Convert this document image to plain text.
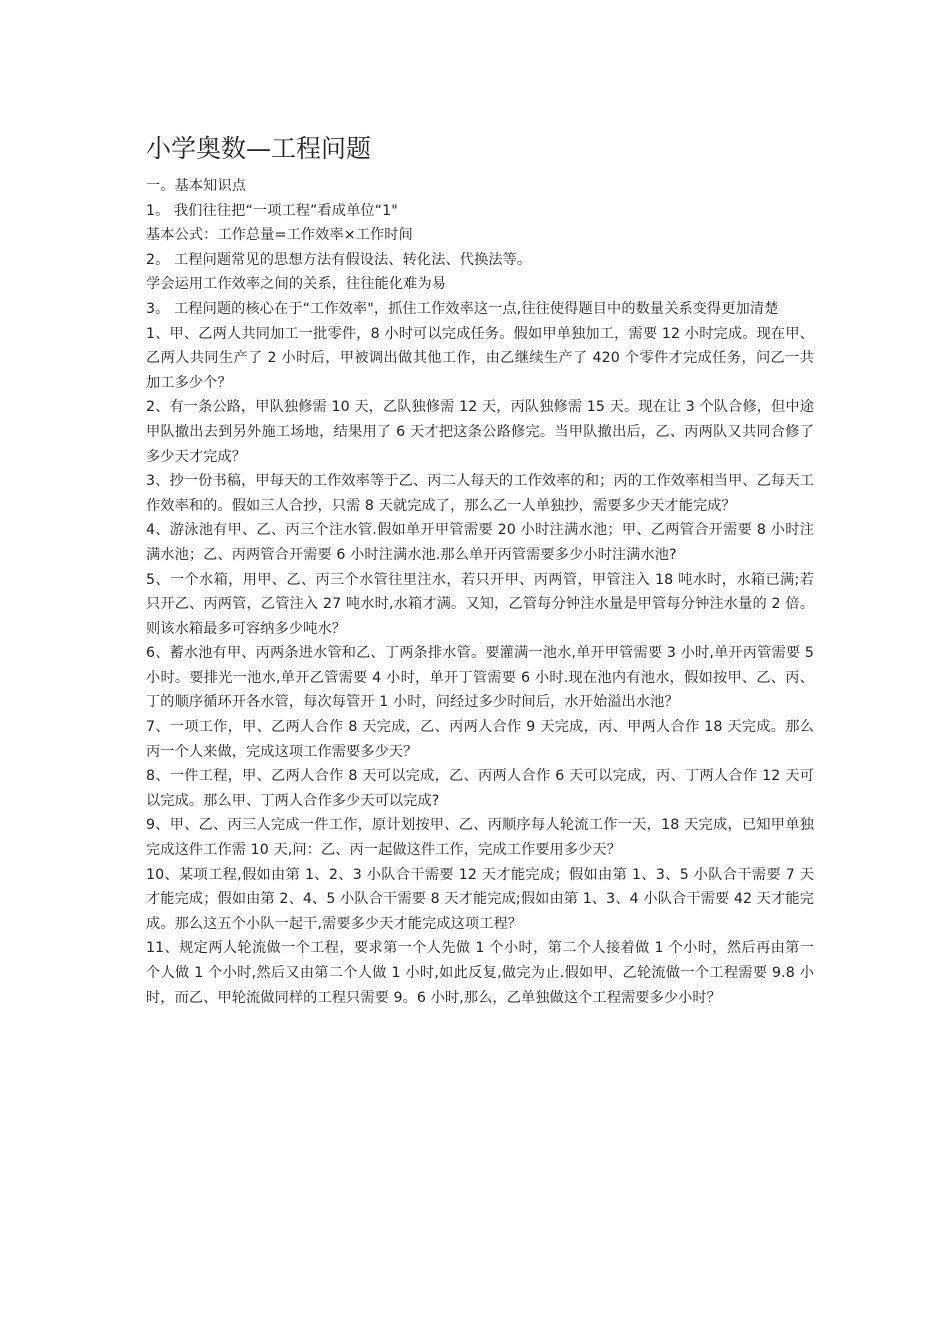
小学奥数—工程问题

一。基本知识点

1。 我们往往把“一项工程”看成单位“1"

基本公式：工作总量=工作效率×工作时间

2。 工程问题常见的思想方法有假设法、转化法、代换法等。

学会运用工作效率之间的关系，往往能化难为易

3。 工程问题的核心在于“工作效率"，抓住工作效率这一点,往往使得题目中的数量关系变得更加清楚

1、甲、乙两人共同加工一批零件，8 小时可以完成任务。假如甲单独加工，需要 12 小时完成。现在甲、乙两人共同生产了 2 小时后，甲被调出做其他工作，由乙继续生产了 420 个零件才完成任务，问乙一共加工多少个？

2、有一条公路，甲队独修需 10 天，乙队独修需 12 天，丙队独修需 15 天。现在让 3 个队合修，但中途甲队撤出去到另外施工场地，结果用了 6 天才把这条公路修完。当甲队撤出后，乙、丙两队又共同合修了多少天才完成？

3、抄一份书稿，甲每天的工作效率等于乙、丙二人每天的工作效率的和；丙的工作效率相当甲、乙每天工作效率和的。假如三人合抄，只需 8 天就完成了，那么乙一人单独抄，需要多少天才能完成？

4、游泳池有甲、乙、丙三个注水管.假如单开甲管需要 20 小时注满水池；甲、乙两管合开需要 8 小时注满水池；乙、丙两管合开需要 6 小时注满水池.那么单开丙管需要多少小时注满水池?

5、一个水箱，用甲、乙、丙三个水管往里注水，若只开甲、丙两管，甲管注入 18 吨水时，水箱已满;若只开乙、丙两管，乙管注入 27 吨水时,水箱才满。又知，乙管每分钟注水量是甲管每分钟注水量的 2 倍。则该水箱最多可容纳多少吨水？

6、蓄水池有甲、丙两条进水管和乙、丁两条排水管。要灌满一池水,单开甲管需要 3 小时,单开丙管需要 5 小时。要排光一池水,单开乙管需要 4 小时，单开丁管需要 6 小时.现在池内有池水，假如按甲、乙、丙、丁的顺序循环开各水管，每次每管开 1 小时，问经过多少时间后，水开始溢出水池？

7、一项工作，甲、乙两人合作 8 天完成，乙、丙两人合作 9 天完成，丙、甲两人合作 18 天完成。那么丙一个人来做，完成这项工作需要多少天？

8、一件工程，甲、乙两人合作 8 天可以完成，乙、丙两人合作 6 天可以完成，丙、丁两人合作 12 天可以完成。那么甲、丁两人合作多少天可以完成?

9、甲、乙、丙三人完成一件工作，原计划按甲、乙、丙顺序每人轮流工作一天，18 天完成，已知甲单独完成这件工作需 10 天,问：乙、丙一起做这件工作，完成工作要用多少天？

10、某项工程,假如由第 1、2、3 小队合干需要 12 天才能完成；假如由第 1、3、5 小队合干需要 7 天才能完成；假如由第 2、4、5 小队合干需要 8 天才能完成;假如由第 1、3、4 小队合干需要 42 天才能完成。那么这五个小队一起干,需要多少天才能完成这项工程？

11、规定两人轮流做一个工程，要求第一个人先做 1 个小时，第二个人接着做 1 个小时，然后再由第一个人做 1 个小时,然后又由第二个人做 1 小时,如此反复,做完为止.假如甲、乙轮流做一个工程需要 9.8 小时，而乙、甲轮流做同样的工程只需要 9。6 小时,那么，乙单独做这个工程需要多少小时？
